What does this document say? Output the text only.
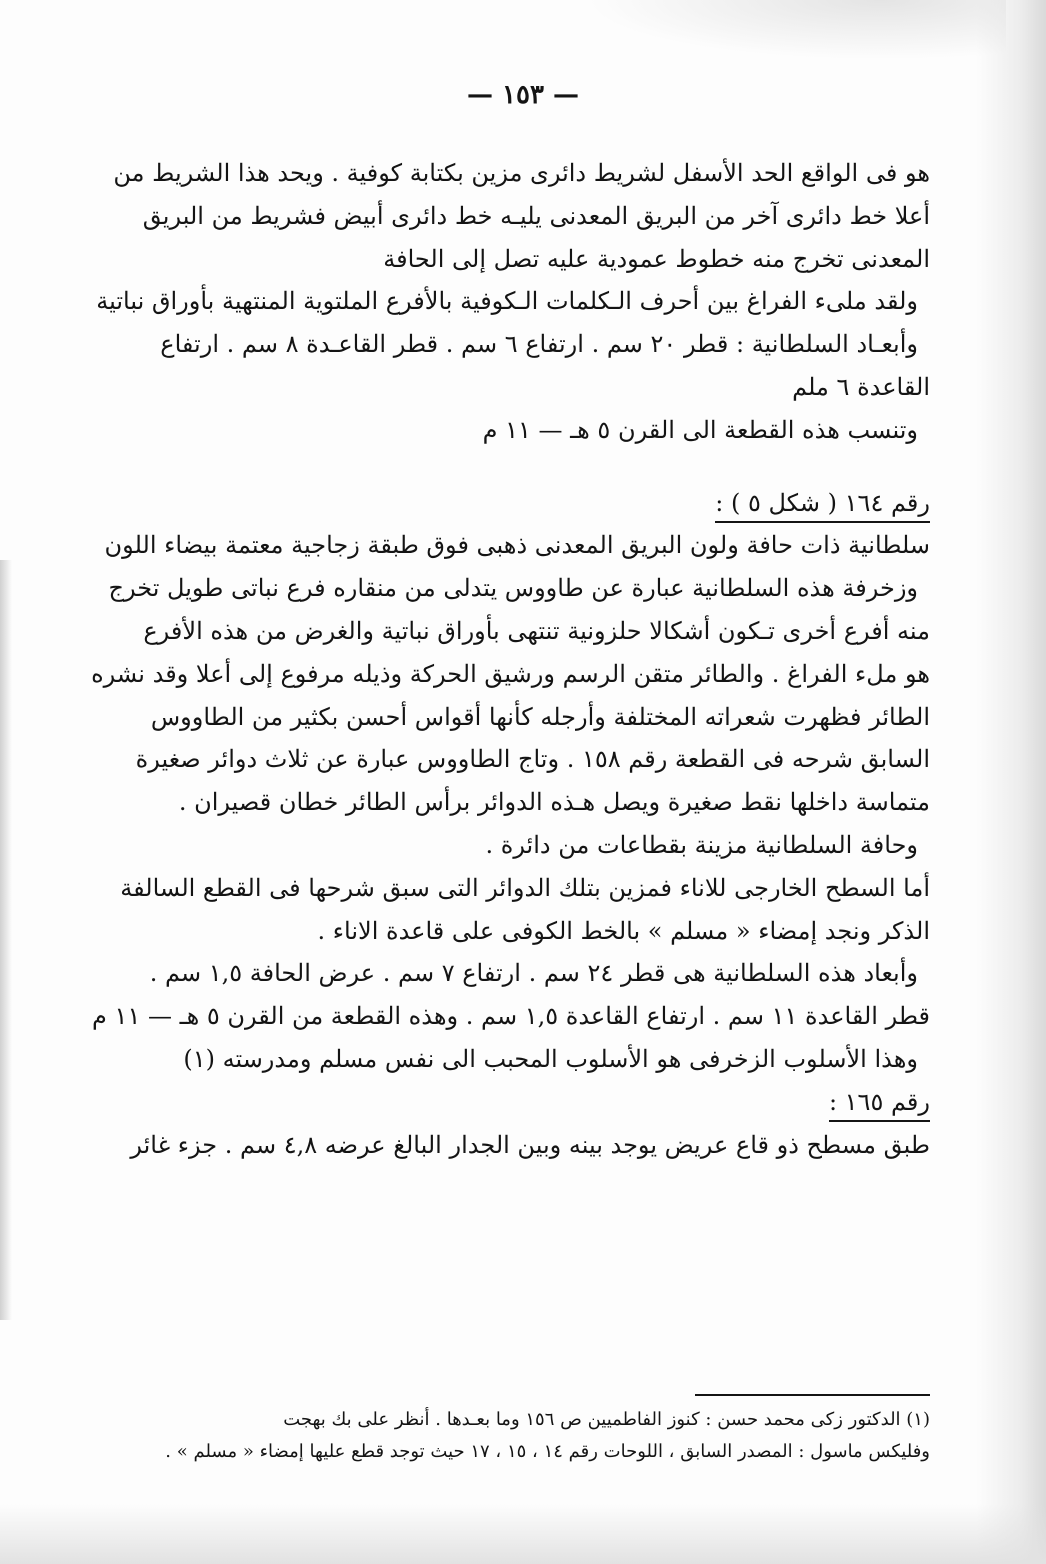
— ١٥٣ —
هو فى الواقع الحد الأسفل لشريط دائرى مزين بكتابة كوفية . ويحد هذا الشريط من
أعلا خط دائرى آخر من البريق المعدنى يليـه خط دائرى أبيض فشريط من البريق
المعدنى تخرج منه خطوط عمودية عليه تصل إلى الحافة
ولقد ملىء الفراغ بين أحرف الـكلمات الـكوفية بالأفرع الملتوية المنتهية بأوراق نباتية
وأبعـاد السلطانية : قطر ٢٠ سم . ارتفاع ٦ سم . قطر القاعـدة ٨ سم . ارتفاع
القاعدة ٦ ملم
وتنسب هذه القطعة الى القرن ٥ هـ — ١١ م
رقم ١٦٤ ( شكل ٥ ) :
سلطانية ذات حافة ولون البريق المعدنى ذهبى فوق طبقة زجاجية معتمة بيضاء اللون
وزخرفة هذه السلطانية عبارة عن طاووس يتدلى من منقاره فرع نباتى طويل تخرج
منه أفرع أخرى تـكون أشكالا حلزونية تنتهى بأوراق نباتية والغرض من هذه الأفرع
هو ملء الفراغ . والطائر متقن الرسم ورشيق الحركة وذيله مرفوع إلى أعلا وقد نشره
الطائر فظهرت شعراته المختلفة وأرجله كأنها أقواس أحسن بكثير من الطاووس
السابق شرحه فى القطعة رقم ١٥٨ . وتاج الطاووس عبارة عن ثلاث دوائر صغيرة
متماسة داخلها نقط صغيرة ويصل هـذه الدوائر برأس الطائر خطان قصيران .
وحافة السلطانية مزينة بقطاعات من دائرة .
أما السطح الخارجى للاناء فمزين بتلك الدوائر التى سبق شرحها فى القطع السالفة
الذكر ونجد إمضاء « مسلم » بالخط الكوفى على قاعدة الاناء .
وأبعاد هذه السلطانية هى قطر ٢٤ سم . ارتفاع ٧ سم . عرض الحافة ١,٥ سم .
قطر القاعدة ١١ سم . ارتفاع القاعدة ١,٥ سم . وهذه القطعة من القرن ٥ هـ — ١١ م
وهذا الأسلوب الزخرفى هو الأسلوب المحبب الى نفس مسلم ومدرسته (١)
رقم ١٦٥ :
طبق مسطح ذو قاع عريض يوجد بينه وبين الجدار البالغ عرضه ٤,٨ سم . جزء غائر
(١) الدكتور زكى محمد حسن : كنوز الفاطميين ص ١٥٦ وما بعـدها . أنظر على بك بهجت
وفليكس ماسول : المصدر السابق ، اللوحات رقم ١٤ ، ١٥ ، ١٧ حيث توجد قطع عليها إمضاء « مسلم » .
